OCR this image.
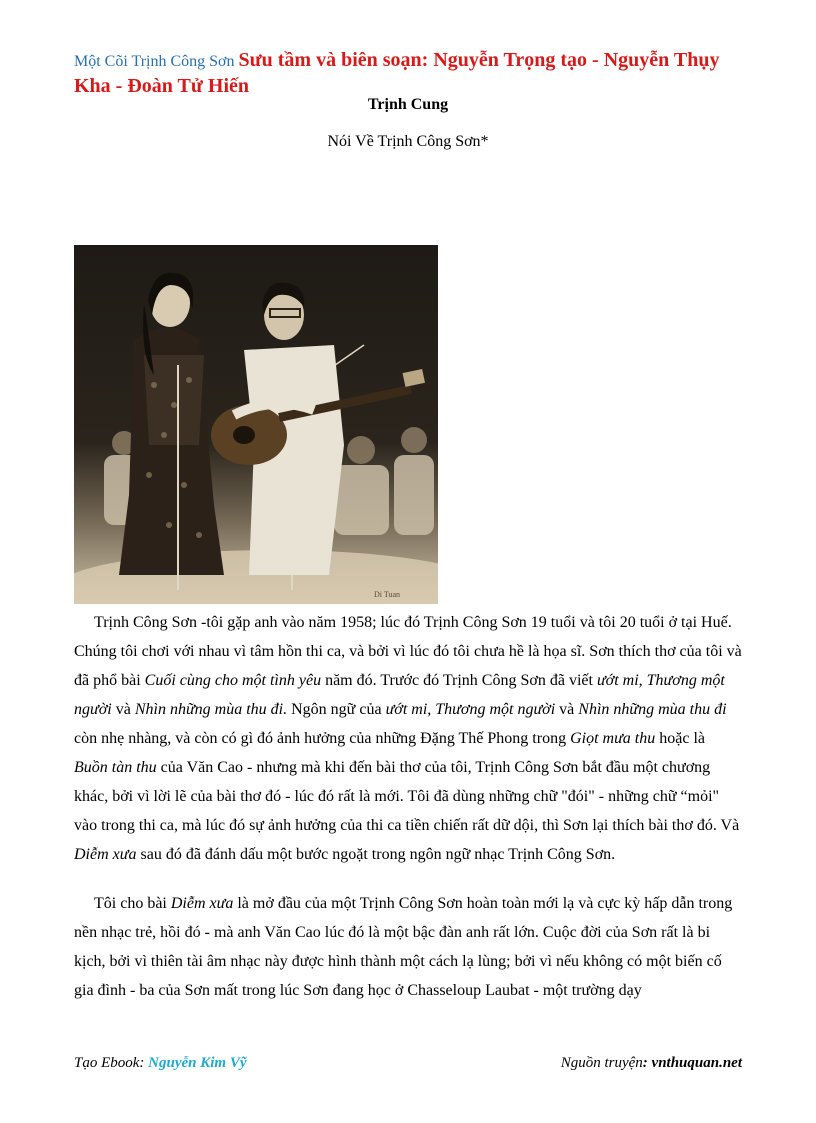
Một Cõi Trịnh Công Sơn Sưu tầm và biên soạn: Nguyễn Trọng tạo - Nguyễn Thụy Kha - Đoàn Tử Hiến
Trịnh Cung
Nói Về Trịnh Công Sơn*
Di Tuan

Trịnh Công Sơn -tôi gặp anh vào năm 1958; lúc đó Trịnh Công Sơn 19 tuổi và tôi 20 tuổi ở tại Huế. Chúng tôi chơi với nhau vì tâm hồn thi ca, và bởi vì lúc đó tôi chưa hề là họa sĩ. Sơn thích thơ của tôi và đã phổ bài Cuối cùng cho một tình yêu năm đó. Trước đó Trịnh Công Sơn đã viết ướt mi, Thương một người và Nhìn những mùa thu đi. Ngôn ngữ của ướt mi, Thương một người và Nhìn những mùa thu đi còn nhẹ nhàng, và còn có gì đó ảnh hưởng của những Đặng Thế Phong trong Giọt mưa thu hoặc là Buồn tàn thu của Văn Cao - nhưng mà khi đến bài thơ của tôi, Trịnh Công Sơn bắt đầu một chương khác, bởi vì lời lẽ của bài thơ đó - lúc đó rất là mới. Tôi đã dùng những chữ "đói" - những chữ “mỏi" vào trong thi ca, mà lúc đó sự ảnh hưởng của thi ca tiền chiến rất dữ dội, thì Sơn lại thích bài thơ đó. Và Diễm xưa sau đó đã đánh dấu một bước ngoặt trong ngôn ngữ nhạc Trịnh Công Sơn.

Tôi cho bài Diễm xưa là mở đầu của một Trịnh Công Sơn hoàn toàn mới lạ và cực kỳ hấp dẫn trong nền nhạc trẻ, hồi đó - mà anh Văn Cao lúc đó là một bậc đàn anh rất lớn. Cuộc đời của Sơn rất là bi kịch, bởi vì thiên tài âm nhạc này được hình thành một cách lạ lùng; bởi vì nếu không có một biến cố gia đình - ba của Sơn mất trong lúc Sơn đang học ở Chasseloup Laubat - một trường dạy

Tạo Ebook: Nguyễn Kim Vỹ	Nguồn truyện: vnthuquan.net
